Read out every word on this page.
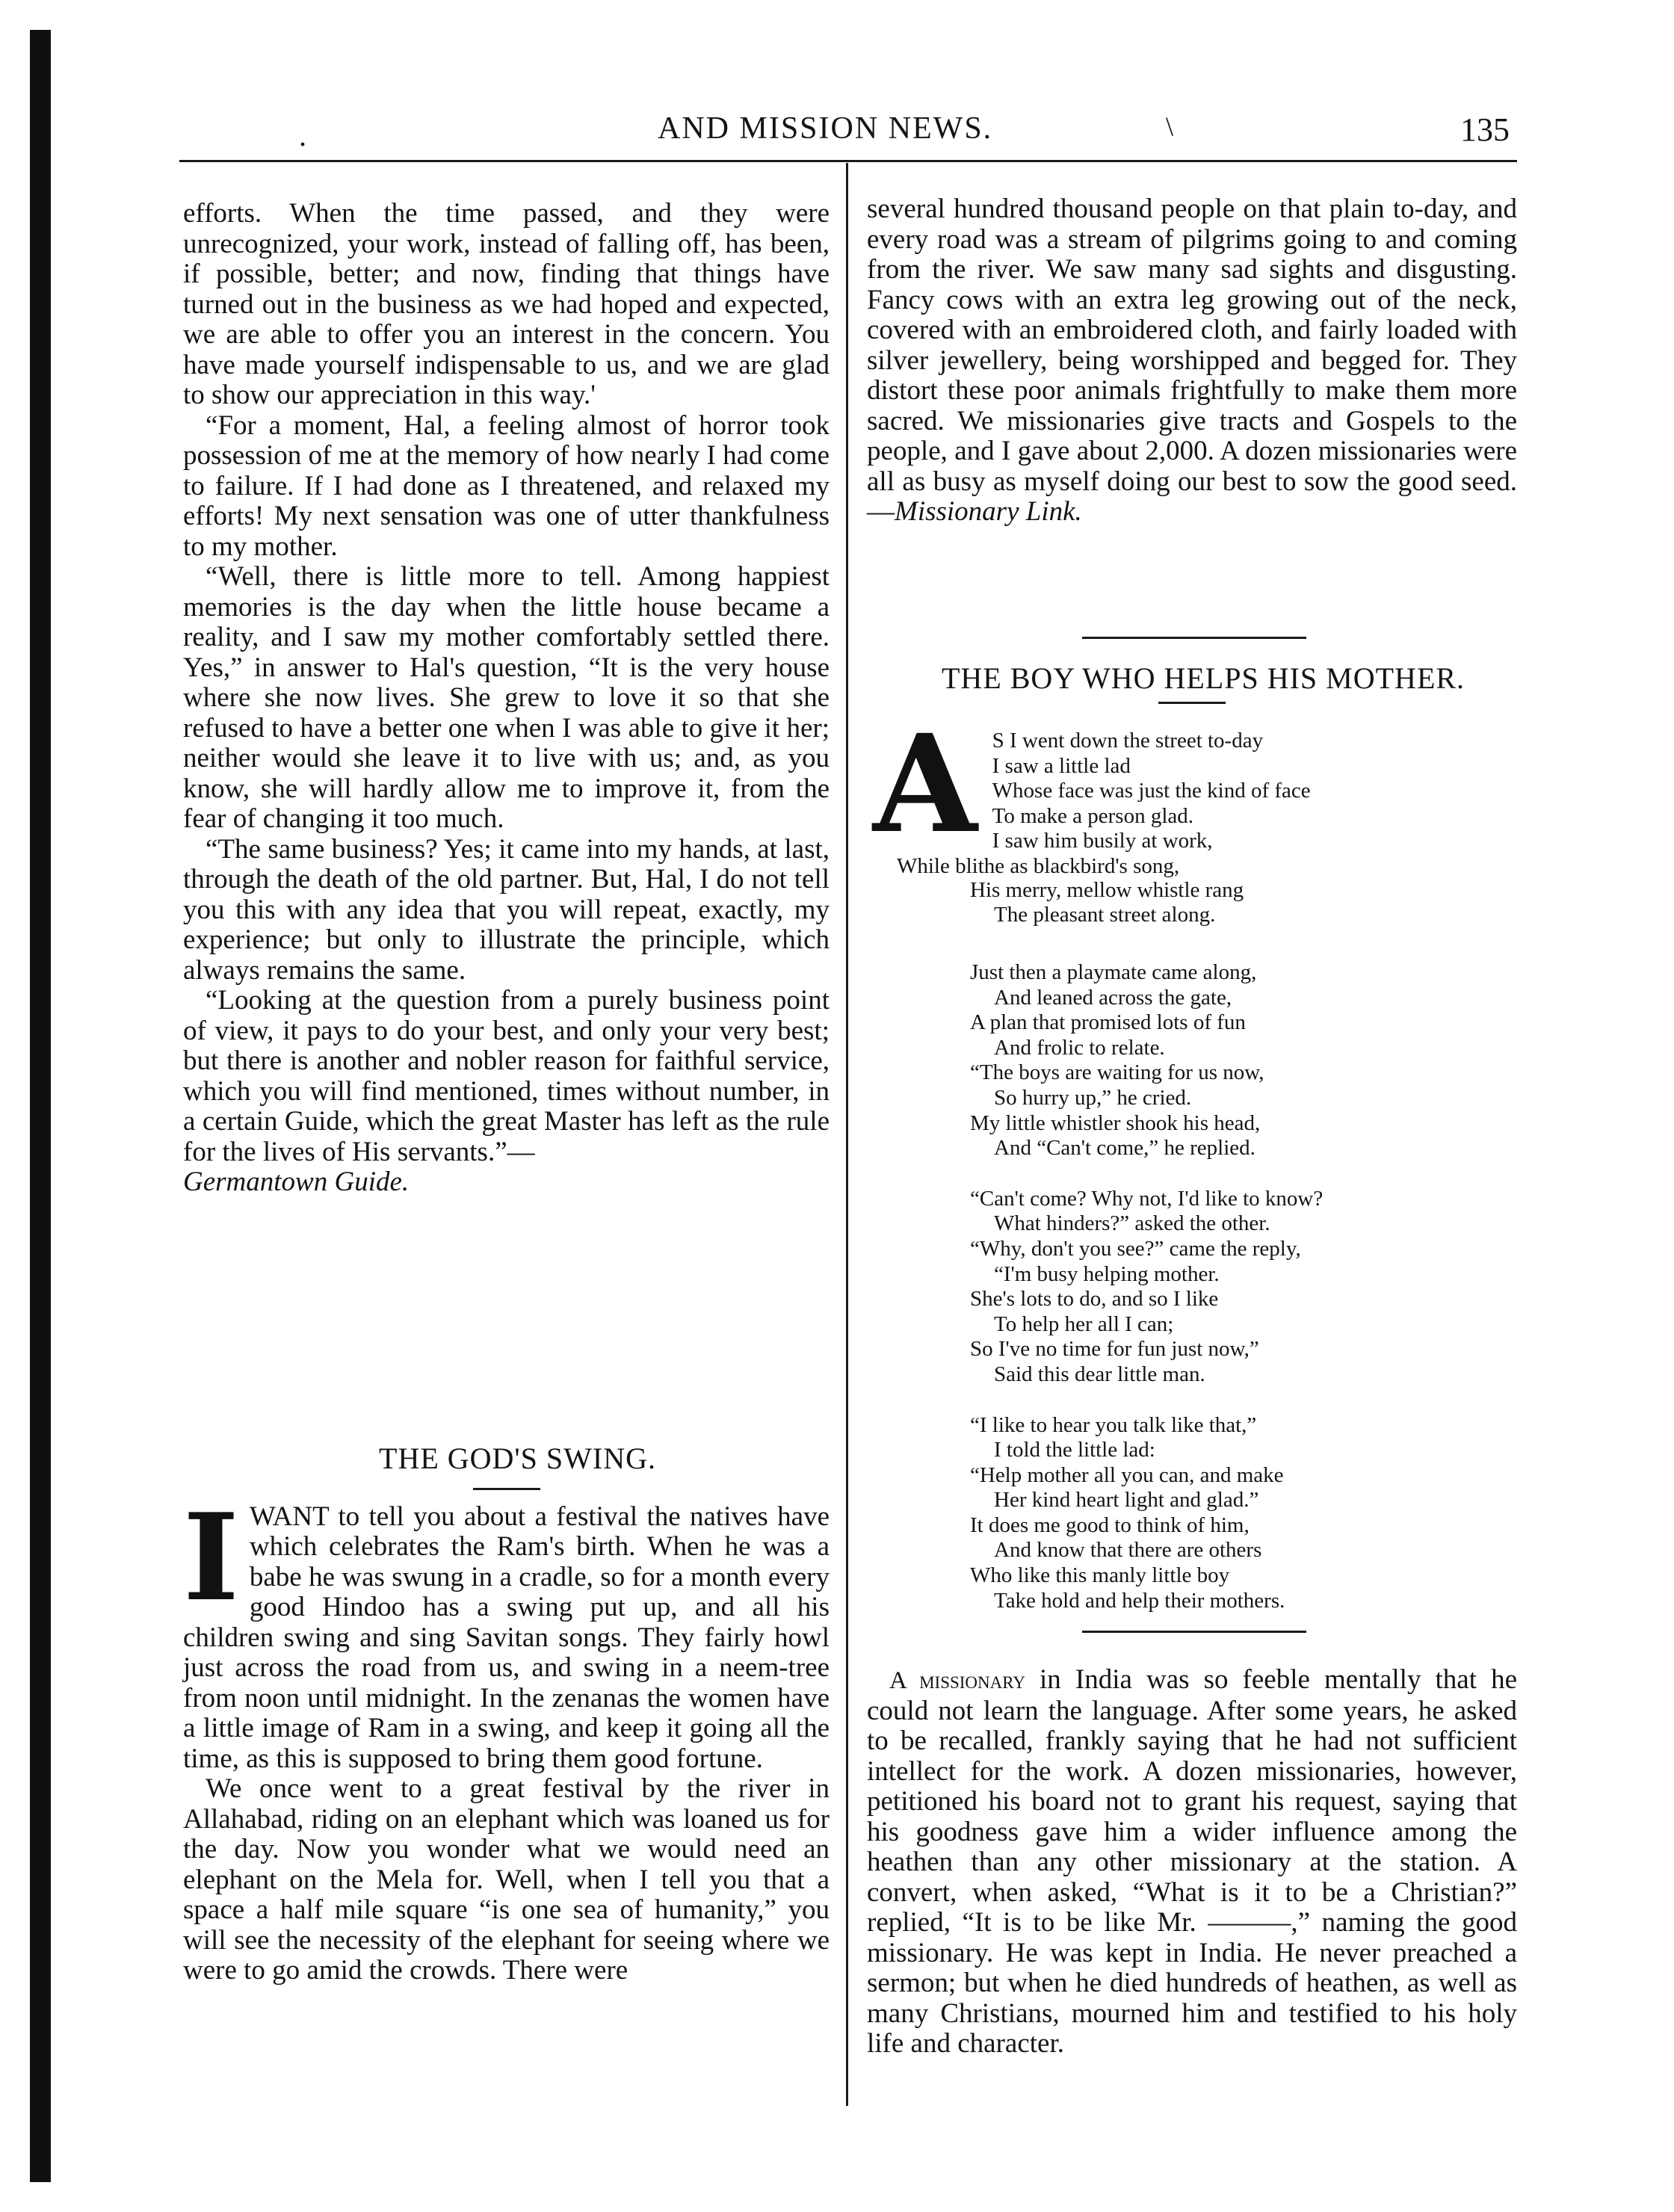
.	AND MISSION NEWS.	\	135

efforts. When the time passed, and they were unrecognized, your work, instead of falling off, has been, if possible, better; and now, finding that things have turned out in the business as we had hoped and expected, we are able to offer you an interest in the concern. You have made yourself indispensable to us, and we are glad to show our appreciation in this way.'

“For a moment, Hal, a feeling almost of horror took possession of me at the memory of how nearly I had come to failure. If I had done as I threatened, and relaxed my efforts! My next sensation was one of utter thankfulness to my mother.

“Well, there is little more to tell. Among happiest memories is the day when the little house became a reality, and I saw my mother comfortably settled there. Yes,” in answer to Hal's question, “It is the very house where she now lives. She grew to love it so that she refused to have a better one when I was able to give it her; neither would she leave it to live with us; and, as you know, she will hardly allow me to improve it, from the fear of changing it too much.

“The same business? Yes; it came into my hands, at last, through the death of the old partner. But, Hal, I do not tell you this with any idea that you will repeat, exactly, my experience; but only to illustrate the principle, which always remains the same.

“Looking at the question from a purely business point of view, it pays to do your best, and only your very best; but there is another and nobler reason for faithful service, which you will find mentioned, times without number, in a certain Guide, which the great Master has left as the rule for the lives of His servants.”—

Germantown Guide.

THE GOD'S SWING.

IWANT to tell you about a festival the natives have which celebrates the Ram's birth. When he was a babe he was swung in a cradle, so for a month every good Hindoo has a swing put up, and all his children swing and sing Savitan songs. They fairly howl just across the road from us, and swing in a neem-tree from noon until midnight. In the zenanas the women have a little image of Ram in a swing, and keep it going all the time, as this is supposed to bring them good fortune.

We once went to a great festival by the river in Allahabad, riding on an elephant which was loaned us for the day. Now you wonder what we would need an elephant on the Mela for. Well, when I tell you that a space a half mile square “is one sea of humanity,” you will see the necessity of the elephant for seeing where we were to go amid the crowds. There were

several hundred thousand people on that plain to-day, and every road was a stream of pilgrims going to and coming from the river. We saw many sad sights and disgusting. Fancy cows with an extra leg growing out of the neck, covered with an embroidered cloth, and fairly loaded with silver jewellery, being worshipped and begged for. They distort these poor animals frightfully to make them more sacred. We missionaries give tracts and Gospels to the people, and I gave about 2,000. A dozen missionaries were all as busy as myself doing our best to sow the good seed.—Missionary Link.

THE BOY WHO HELPS HIS MOTHER.

A S I went down the street to-day
I saw a little lad
Whose face was just the kind of face
To make a person glad.
I saw him busily at work,
While blithe as blackbird's song,
His merry, mellow whistle rang
The pleasant street along.
Just then a playmate came along,
And leaned across the gate,
A plan that promised lots of fun
And frolic to relate.
“The boys are waiting for us now,
So hurry up,” he cried.
My little whistler shook his head,
And “Can't come,” he replied.
“Can't come? Why not, I'd like to know?
What hinders?” asked the other.
“Why, don't you see?” came the reply,
“I'm busy helping mother.
She's lots to do, and so I like
To help her all I can;
So I've no time for fun just now,”
Said this dear little man.
“I like to hear you talk like that,”
I told the little lad:
“Help mother all you can, and make
Her kind heart light and glad.”
It does me good to think of him,
And know that there are others
Who like this manly little boy
Take hold and help their mothers.

A missionary in India was so feeble mentally that he could not learn the language. After some years, he asked to be recalled, frankly saying that he had not sufficient intellect for the work. A dozen missionaries, however, petitioned his board not to grant his request, saying that his goodness gave him a wider influence among the heathen than any other missionary at the station. A convert, when asked, “What is it to be a Christian?” replied, “It is to be like Mr. ———,” naming the good missionary. He was kept in India. He never preached a sermon; but when he died hundreds of heathen, as well as many Christians, mourned him and testified to his holy life and character.
